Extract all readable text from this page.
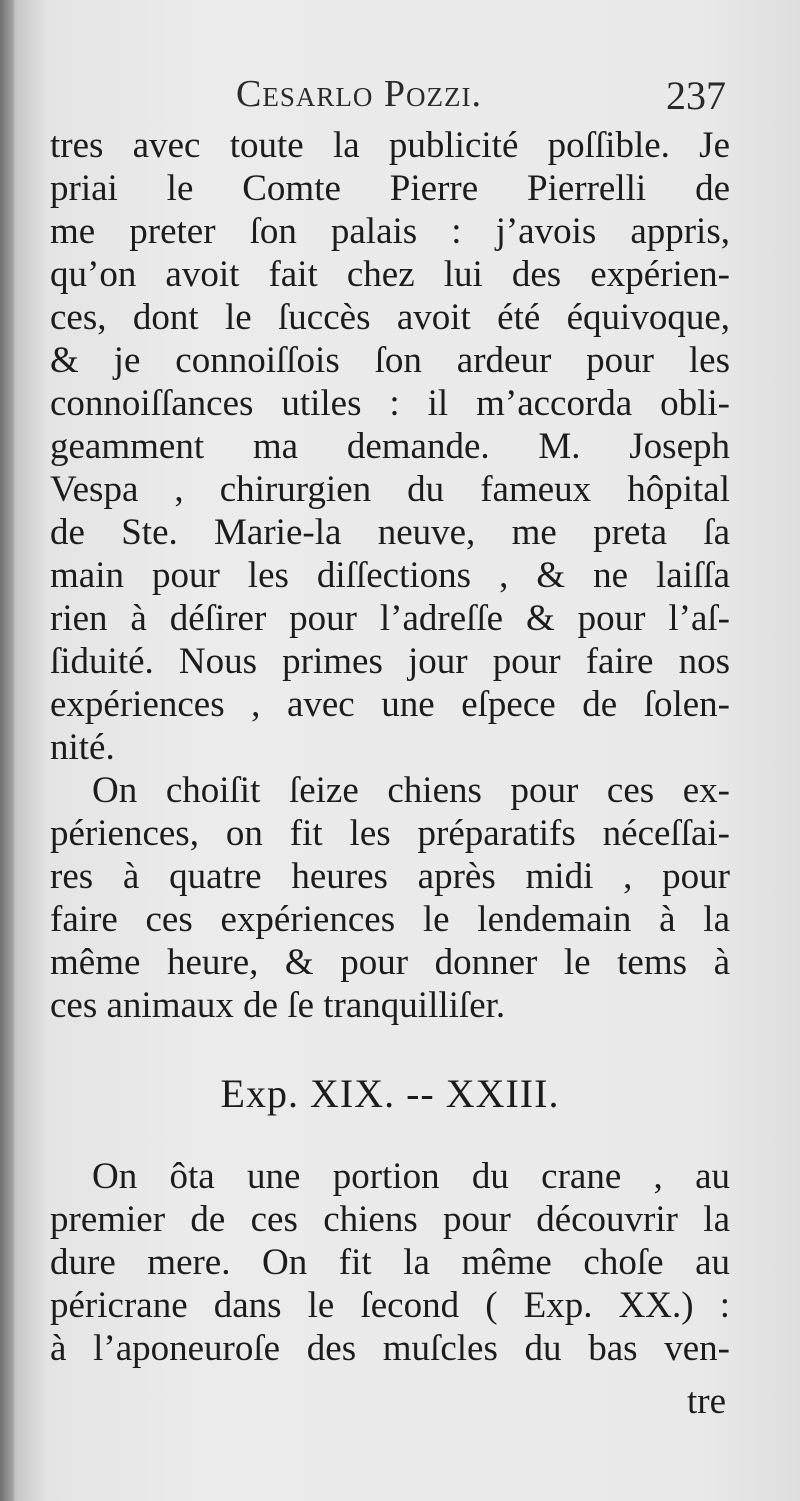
Cesarlo Pozzi.	237
tres avec toute la publicité poſſible. Je
priai le Comte Pierre Pierrelli de
me preter ſon palais : j’avois appris,
qu’on avoit fait chez lui des expérien-
ces, dont le ſuccès avoit été équivoque,
& je connoiſſois ſon ardeur pour les
connoiſſances utiles : il m’accorda obli-
geamment ma demande. M. Joseph
Vespa , chirurgien du fameux hôpital
de Ste. Marie-la neuve, me preta ſa
main pour les diſſections , & ne laiſſa
rien à déſirer pour l’adreſſe & pour l’aſ-
ſiduité. Nous primes jour pour faire nos
expériences , avec une eſpece de ſolen-
nité.
On choiſit ſeize chiens pour ces ex-
périences, on fit les préparatifs néceſſai-
res à quatre heures après midi , pour
faire ces expériences le lendemain à la
même heure, & pour donner le tems à
ces animaux de ſe tranquilliſer.
Exp. XIX. -- XXIII.
On ôta une portion du crane , au
premier de ces chiens pour découvrir la
dure mere. On fit la même choſe au
péricrane dans le ſecond ( Exp. XX.) :
à l’aponeuroſe des muſcles du bas ven-
tre
